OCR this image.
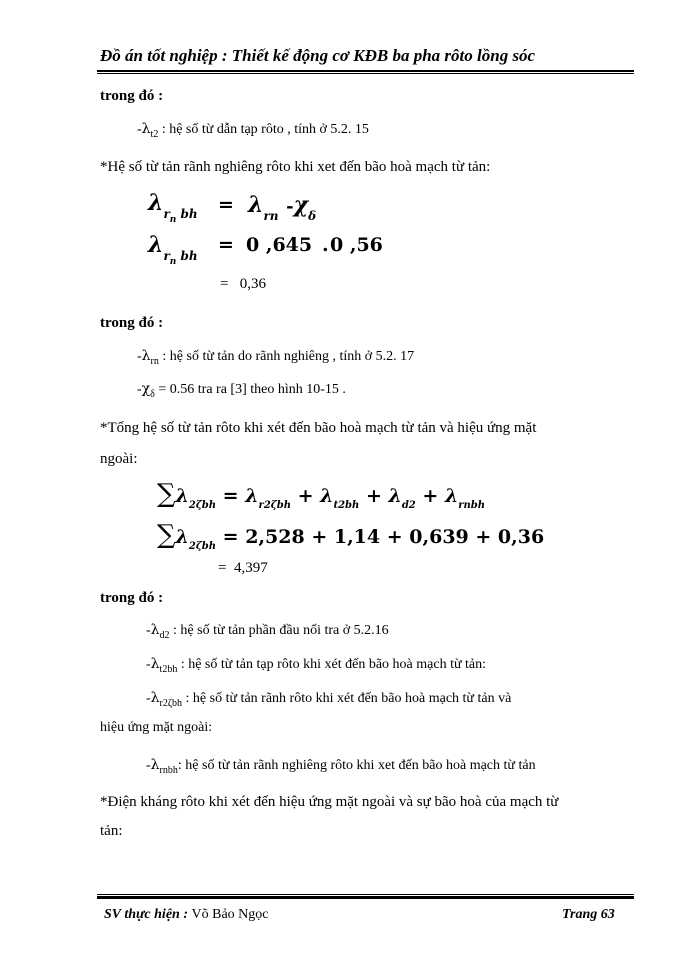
Đồ án tốt nghiệp : Thiết kế động cơ KĐB ba pha rôto lồng sóc
trong đó :
$-\lambda_{t2}$ : hệ số từ dẫn tạp rôto , tính ở 5.2. 15
*Hệ số từ tản rãnh nghiêng rôto khi xet đến bão hoà mạch từ tản:
$\lambda_{rn}$ $_{bh} = \lambda_{rn}$ $-\chi_\delta$
$\lambda_{rn}$ $_{bh}$ = 0 ,645 . 0 ,56
= 0,36
trong đó :
$-\lambda_{rn}$ : hệ số từ tản do rãnh nghiêng , tính ở 5.2. 17
$-\chi_\delta = 0.56$ tra ra [3] theo hình 10-15 .
*Tổng hệ số từ tản rôto khi xét đến bão hoà mạch từ tản và hiệu ứng mặt
ngoài:
$\sum\lambda_{2\zeta bh} = \lambda_{r2\zeta bh} + \lambda_{t2bh} + \lambda_{d2} + \lambda_{rnbh}$
$\sum\lambda_{2\zeta bh} = 2,528 + 1,14 + 0,639 + 0,36$
= 4,397
trong đó :
$-\lambda_{d2}$ : hệ số từ tản phần đầu nối tra ở 5.2.16
$-\lambda_{t2bh}$ : hệ số từ tản tạp rôto khi xét đến bão hoà mạch từ tản:
$-\lambda_{r2\zeta bh}$ : hệ số từ tản rãnh rôto khi xét đến bão hoà mạch từ tản và
hiệu ứng mặt ngoài:
$-\lambda_{rnbh}$: hệ số từ tản rãnh nghiêng rôto khi xet đến bão hoà mạch từ tản
*Điện kháng rôto khi xét đến hiệu ứng mặt ngoài và sự bão hoà của mạch từ
tản:
SV thực hiện : Võ Bảo Ngọc	Trang 63
